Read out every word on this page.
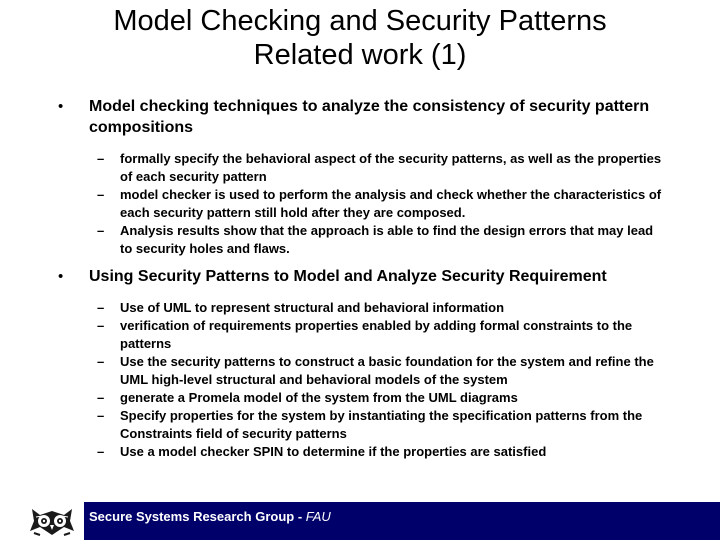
Model Checking and Security Patterns
Related work (1)
• Model checking techniques to analyze the consistency of security pattern compositions
– formally specify the behavioral aspect of the security patterns, as well as the properties of each security pattern
– model checker is used to perform the analysis and check whether the characteristics of each security pattern still hold after they are composed.
– Analysis results show that the approach is able to find the design errors that may lead to security holes and flaws.
• Using Security Patterns to Model and Analyze Security Requirement
– Use of UML to represent structural and behavioral information
– verification of requirements properties enabled by adding formal constraints to the patterns
– Use the security patterns to construct a basic foundation for the system and refine the UML high-level structural and behavioral models of the system
– generate a Promela model of the system from the UML diagrams
– Specify properties for the system by instantiating the specification patterns from the Constraints field of security patterns
– Use a model checker SPIN to determine if the properties are satisfied
Secure Systems Research Group - FAU
